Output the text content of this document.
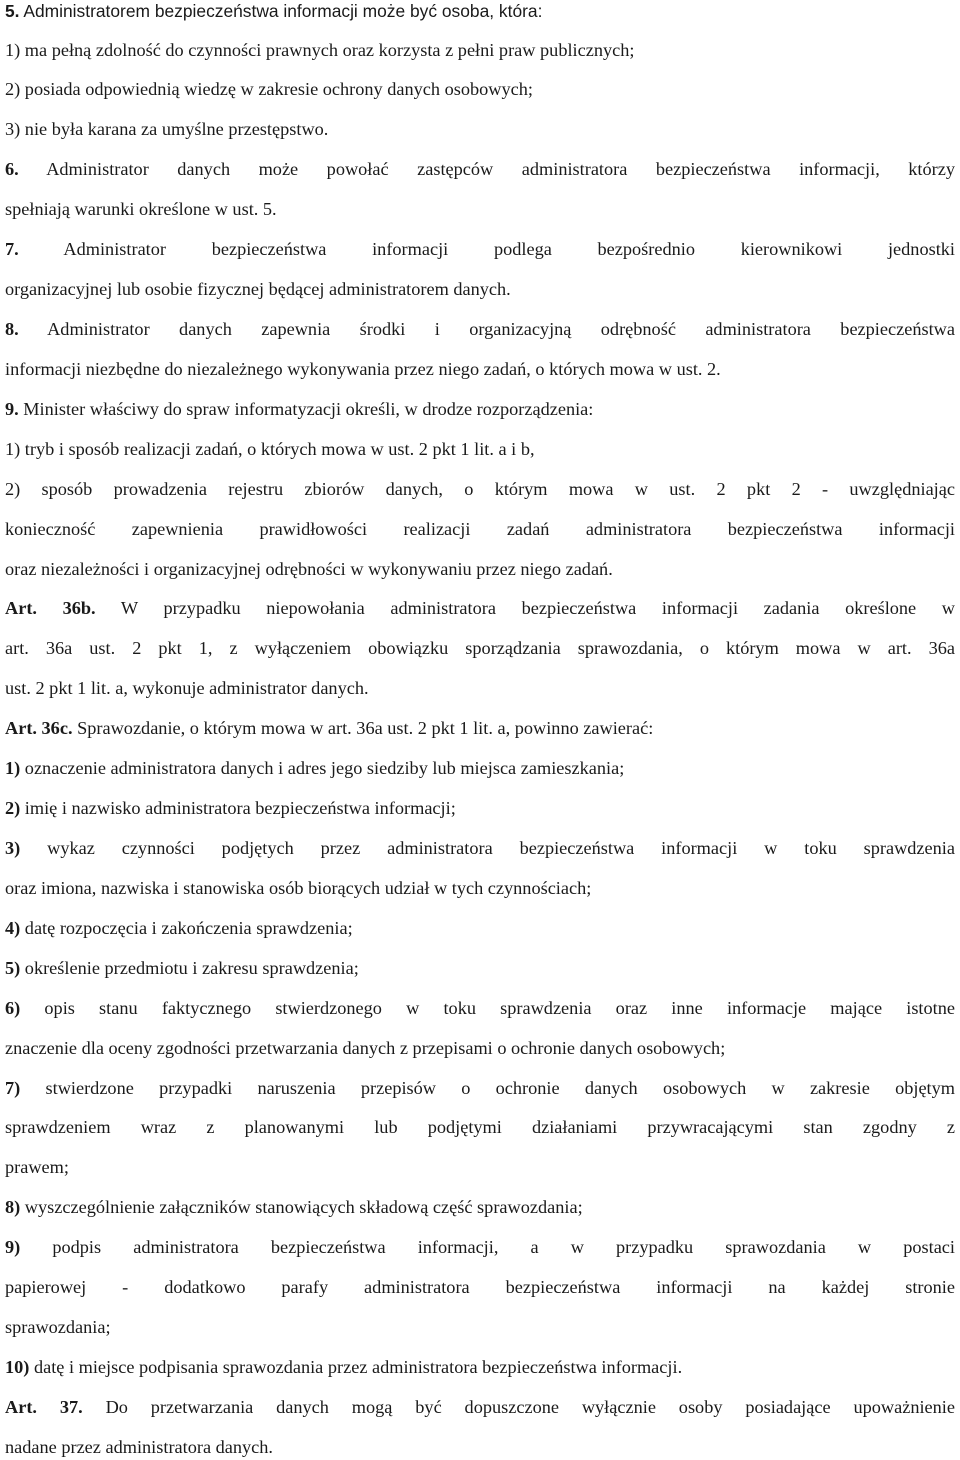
5. Administratorem bezpieczeństwa informacji może być osoba, która:
1) ma pełną zdolność do czynności prawnych oraz korzysta z pełni praw publicznych;
2) posiada odpowiednią wiedzę w zakresie ochrony danych osobowych;
3) nie była karana za umyślne przestępstwo.
6. Administrator danych może powołać zastępców administratora bezpieczeństwa informacji, którzy
spełniają warunki określone w ust. 5.
7. Administrator bezpieczeństwa informacji podlega bezpośrednio kierownikowi jednostki
organizacyjnej lub osobie fizycznej będącej administratorem danych.
8. Administrator danych zapewnia środki i organizacyjną odrębność administratora bezpieczeństwa
informacji niezbędne do niezależnego wykonywania przez niego zadań, o których mowa w ust. 2.
9. Minister właściwy do spraw informatyzacji określi, w drodze rozporządzenia:
1) tryb i sposób realizacji zadań, o których mowa w ust. 2 pkt 1 lit. a i b,
2) sposób prowadzenia rejestru zbiorów danych, o którym mowa w ust. 2 pkt 2 - uwzględniając
konieczność zapewnienia prawidłowości realizacji zadań administratora bezpieczeństwa informacji
oraz niezależności i organizacyjnej odrębności w wykonywaniu przez niego zadań.
Art. 36b. W przypadku niepowołania administratora bezpieczeństwa informacji zadania określone w
art. 36a ust. 2 pkt 1, z wyłączeniem obowiązku sporządzania sprawozdania, o którym mowa w art. 36a
ust. 2 pkt 1 lit. a, wykonuje administrator danych.
Art. 36c. Sprawozdanie, o którym mowa w art. 36a ust. 2 pkt 1 lit. a, powinno zawierać:
1) oznaczenie administratora danych i adres jego siedziby lub miejsca zamieszkania;
2) imię i nazwisko administratora bezpieczeństwa informacji;
3) wykaz czynności podjętych przez administratora bezpieczeństwa informacji w toku sprawdzenia
oraz imiona, nazwiska i stanowiska osób biorących udział w tych czynnościach;
4) datę rozpoczęcia i zakończenia sprawdzenia;
5) określenie przedmiotu i zakresu sprawdzenia;
6) opis stanu faktycznego stwierdzonego w toku sprawdzenia oraz inne informacje mające istotne
znaczenie dla oceny zgodności przetwarzania danych z przepisami o ochronie danych osobowych;
7) stwierdzone przypadki naruszenia przepisów o ochronie danych osobowych w zakresie objętym
sprawdzeniem wraz z planowanymi lub podjętymi działaniami przywracającymi stan zgodny z
prawem;
8) wyszczególnienie załączników stanowiących składową część sprawozdania;
9) podpis administratora bezpieczeństwa informacji, a w przypadku sprawozdania w postaci
papierowej - dodatkowo parafy administratora bezpieczeństwa informacji na każdej stronie
sprawozdania;
10) datę i miejsce podpisania sprawozdania przez administratora bezpieczeństwa informacji.
Art. 37. Do przetwarzania danych mogą być dopuszczone wyłącznie osoby posiadające upoważnienie
nadane przez administratora danych.
